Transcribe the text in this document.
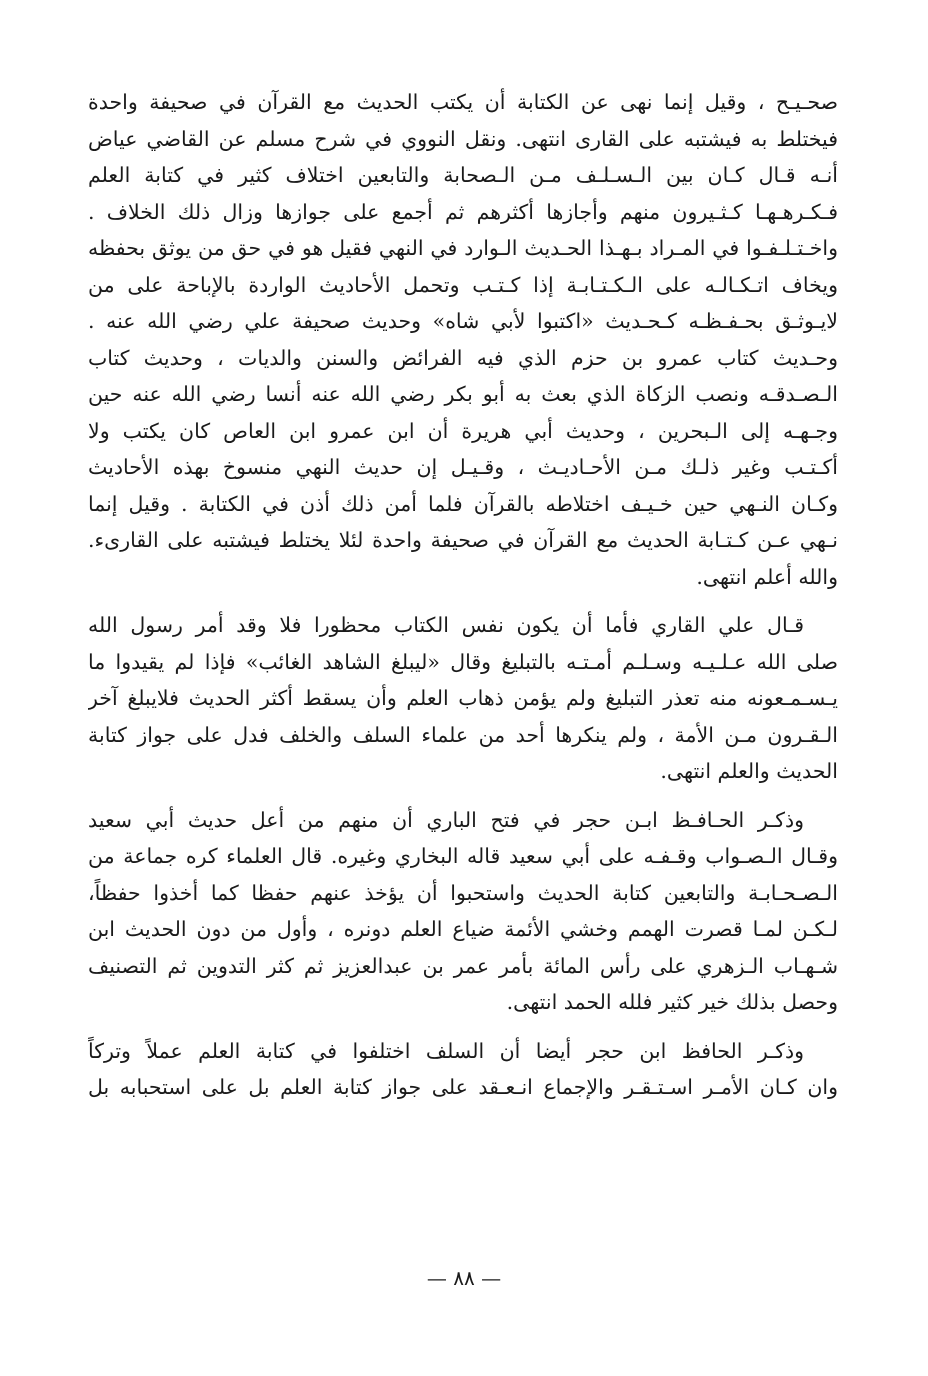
صحـيـح ، وقيل إنما نهى عن الكتابة أن يكتب الحديث مع القرآن في صحيفة واحدة
فيختلط به فيشتبه على القارى انتهى. ونقل النووي في شرح مسلم عن القاضي عياض
أنـه قـال كـان بين الـسـلـف مـن الـصحابة والتابعين اختلاف كثير في كتابة العلم
فـكـرهـهـا كـثـيرون منهم وأجازها أكثرهم ثم أجمع على جوازها وزال ذلك الخلاف .
واخـتـلـفـوا في المـراد بـهـذا الحـديث الـوارد في النهي فقيل هو في حق من يوثق بحفظه
ويخاف اتـكـالـه على الـكـتـابـة إذا كـتـب وتحمل الأحاديث الواردة بالإباحة على من
لايـوثـق بحـفـظـه كـحـديث «اكتبوا لأبي شاه» وحديث صحيفة علي رضي الله عنه .
وحـديث كتاب عمرو بن حزم الذي فيه الفرائض والسنن والديات ، وحديث كتاب
الـصـدقـه ونصب الزكاة الذي بعث به أبو بكر رضي الله عنه أنسا رضي الله عنه حين
وجـهـه إلى الـبحرين ، وحديث أبي هريرة أن ابن عمرو ابن العاص كان يكتب ولا
أكـتـب وغير ذلـك مـن الأحـاديـث ، وقـيـل إن حديث النهي منسوخ بهذه الأحاديث
وكـان النـهي حين خـيـف اختلاطه بالقرآن فلما أمن ذلك أذن في الكتابة . وقيل إنما
نـهي عـن كـتـابة الحديث مع القرآن في صحيفة واحدة لئلا يختلط فيشتبه على القارىء.
والله أعلم انتهى.
قـال علي القاري فأما أن يكون نفس الكتاب محظورا فلا وقد أمر رسول الله
صلى الله عـلـيـه وسـلـم أمـتـه بالتبليغ وقال «ليبلغ الشاهد الغائب» فإذا لم يقيدوا ما
يـسـمـعونه منه تعذر التبليغ ولم يؤمن ذهاب العلم وأن يسقط أكثر الحديث فلايبلغ آخر
الـقـرون مـن الأمة ، ولم ينكرها أحد من علماء السلف والخلف فدل على جواز كتابة
الحديث والعلم انتهى.
وذكـر الحـافـظ ابـن حجر في فتح الباري أن منهم من أعل حديث أبي سعيد
وقـال الـصـواب وقـفـه على أبي سعيد قاله البخاري وغيره. قال العلماء كره جماعة من
الـصـحـابـة والتابعين كتابة الحديث واستحبوا أن يؤخذ عنهم حفظا كما أخذوا حفظاً،
لـكـن لمـا قصرت الهمم وخشي الأئمة ضياع العلم دونره ، وأول من دون الحديث ابن
شـهـاب الـزهري على رأس المائة بأمر عمر بن عبدالعزيز ثم كثر التدوين ثم التصنيف
وحصل بذلك خير كثير فلله الحمد انتهى.
وذكـر الحافظ ابن حجر أيضا أن السلف اختلفوا في كتابة العلم عملاً وتركاً
وان كـان الأمـر اسـتـقـر والإجماع انـعـقد على جواز كتابة العلم بل على استحبابه بل
— ٨٨ —
